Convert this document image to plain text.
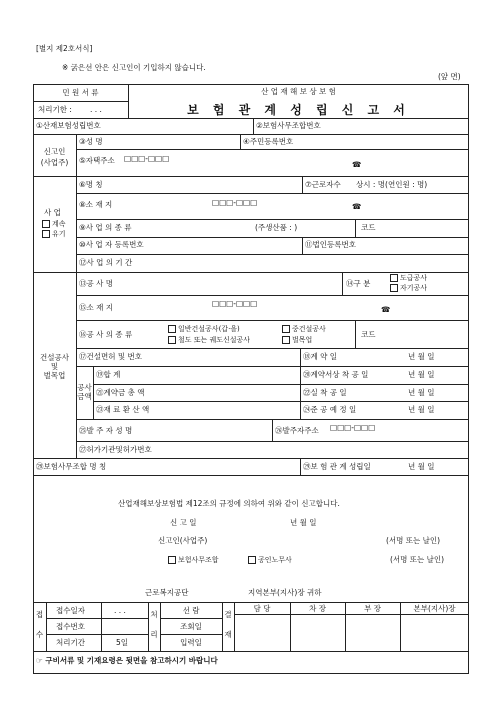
[별지 제2호서식]
※ 굵은선 안은 신고인이 기입하지 않습니다.
(앞 면)
민 원 서 류
처리기한 : . . .
산 업 재 해 보 상 보 험
보 험 관 계 성 립 신 고 서
①산재보험성립번호	②보험사무조합번호
신고인
(사업주)
③성 명	④주민등록번호
⑤자택주소 □□□-□□□
☎
사 업
계속
유기
⑥명 칭	⑦근로자수 상시 : 명(연인원 : 명)
⑧소 재 지	□□□-□□□	☎
⑨사 업 의 종 류	(주생산품 : )	코드
⑩사 업 자 등록번호	⑪법인등록번호
⑫사 업 의 기 간
건설공사
및
벌목업
⑬공 사 명	⑭구 분
도급공사
자기공사
⑮소 재 지	□□□-□□□
☎
⑯공 사 의 종 류
일반건설공사(갑·을)	중건설공사
철도 또는 궤도신설공사	벌목업
코드
⑰건설면허 및 번호	⑱계 약 일	년 월 일
공사
금액
⑲합 계	⑳계약서상 착 공 일	년 월 일
㉑계약금 총 액	㉒실 착 공 일	년 월 일
㉓재 료 환 산 액	㉔준 공 예 정 일	년 월 일
㉕발 주 자 성 명	㉖발주자주소 □□□-□□□
㉗허가기관및허가번호
㉘보험사무조합 명 칭	㉙보 험 관 계 성립일	년 월 일
산업재해보상보험법 제12조의 규정에 의하여 위와 같이 신고합니다.
신 고 일	년 월 일
신고인(사업주)	(서명 또는 날인)
보험사무조합	공인노무사	(서명 또는 날인)
근로복지공단	지역본부(지사)장 귀하
접

수
접수일자	. . .
접수번호
처리기간	5일
처

리
선 람
조회일
입력일
결

재
담 당	차 장	부 장	본부(지사)장
☞ 구비서류 및 기재요령은 뒷면을 참고하시기 바랍니다
